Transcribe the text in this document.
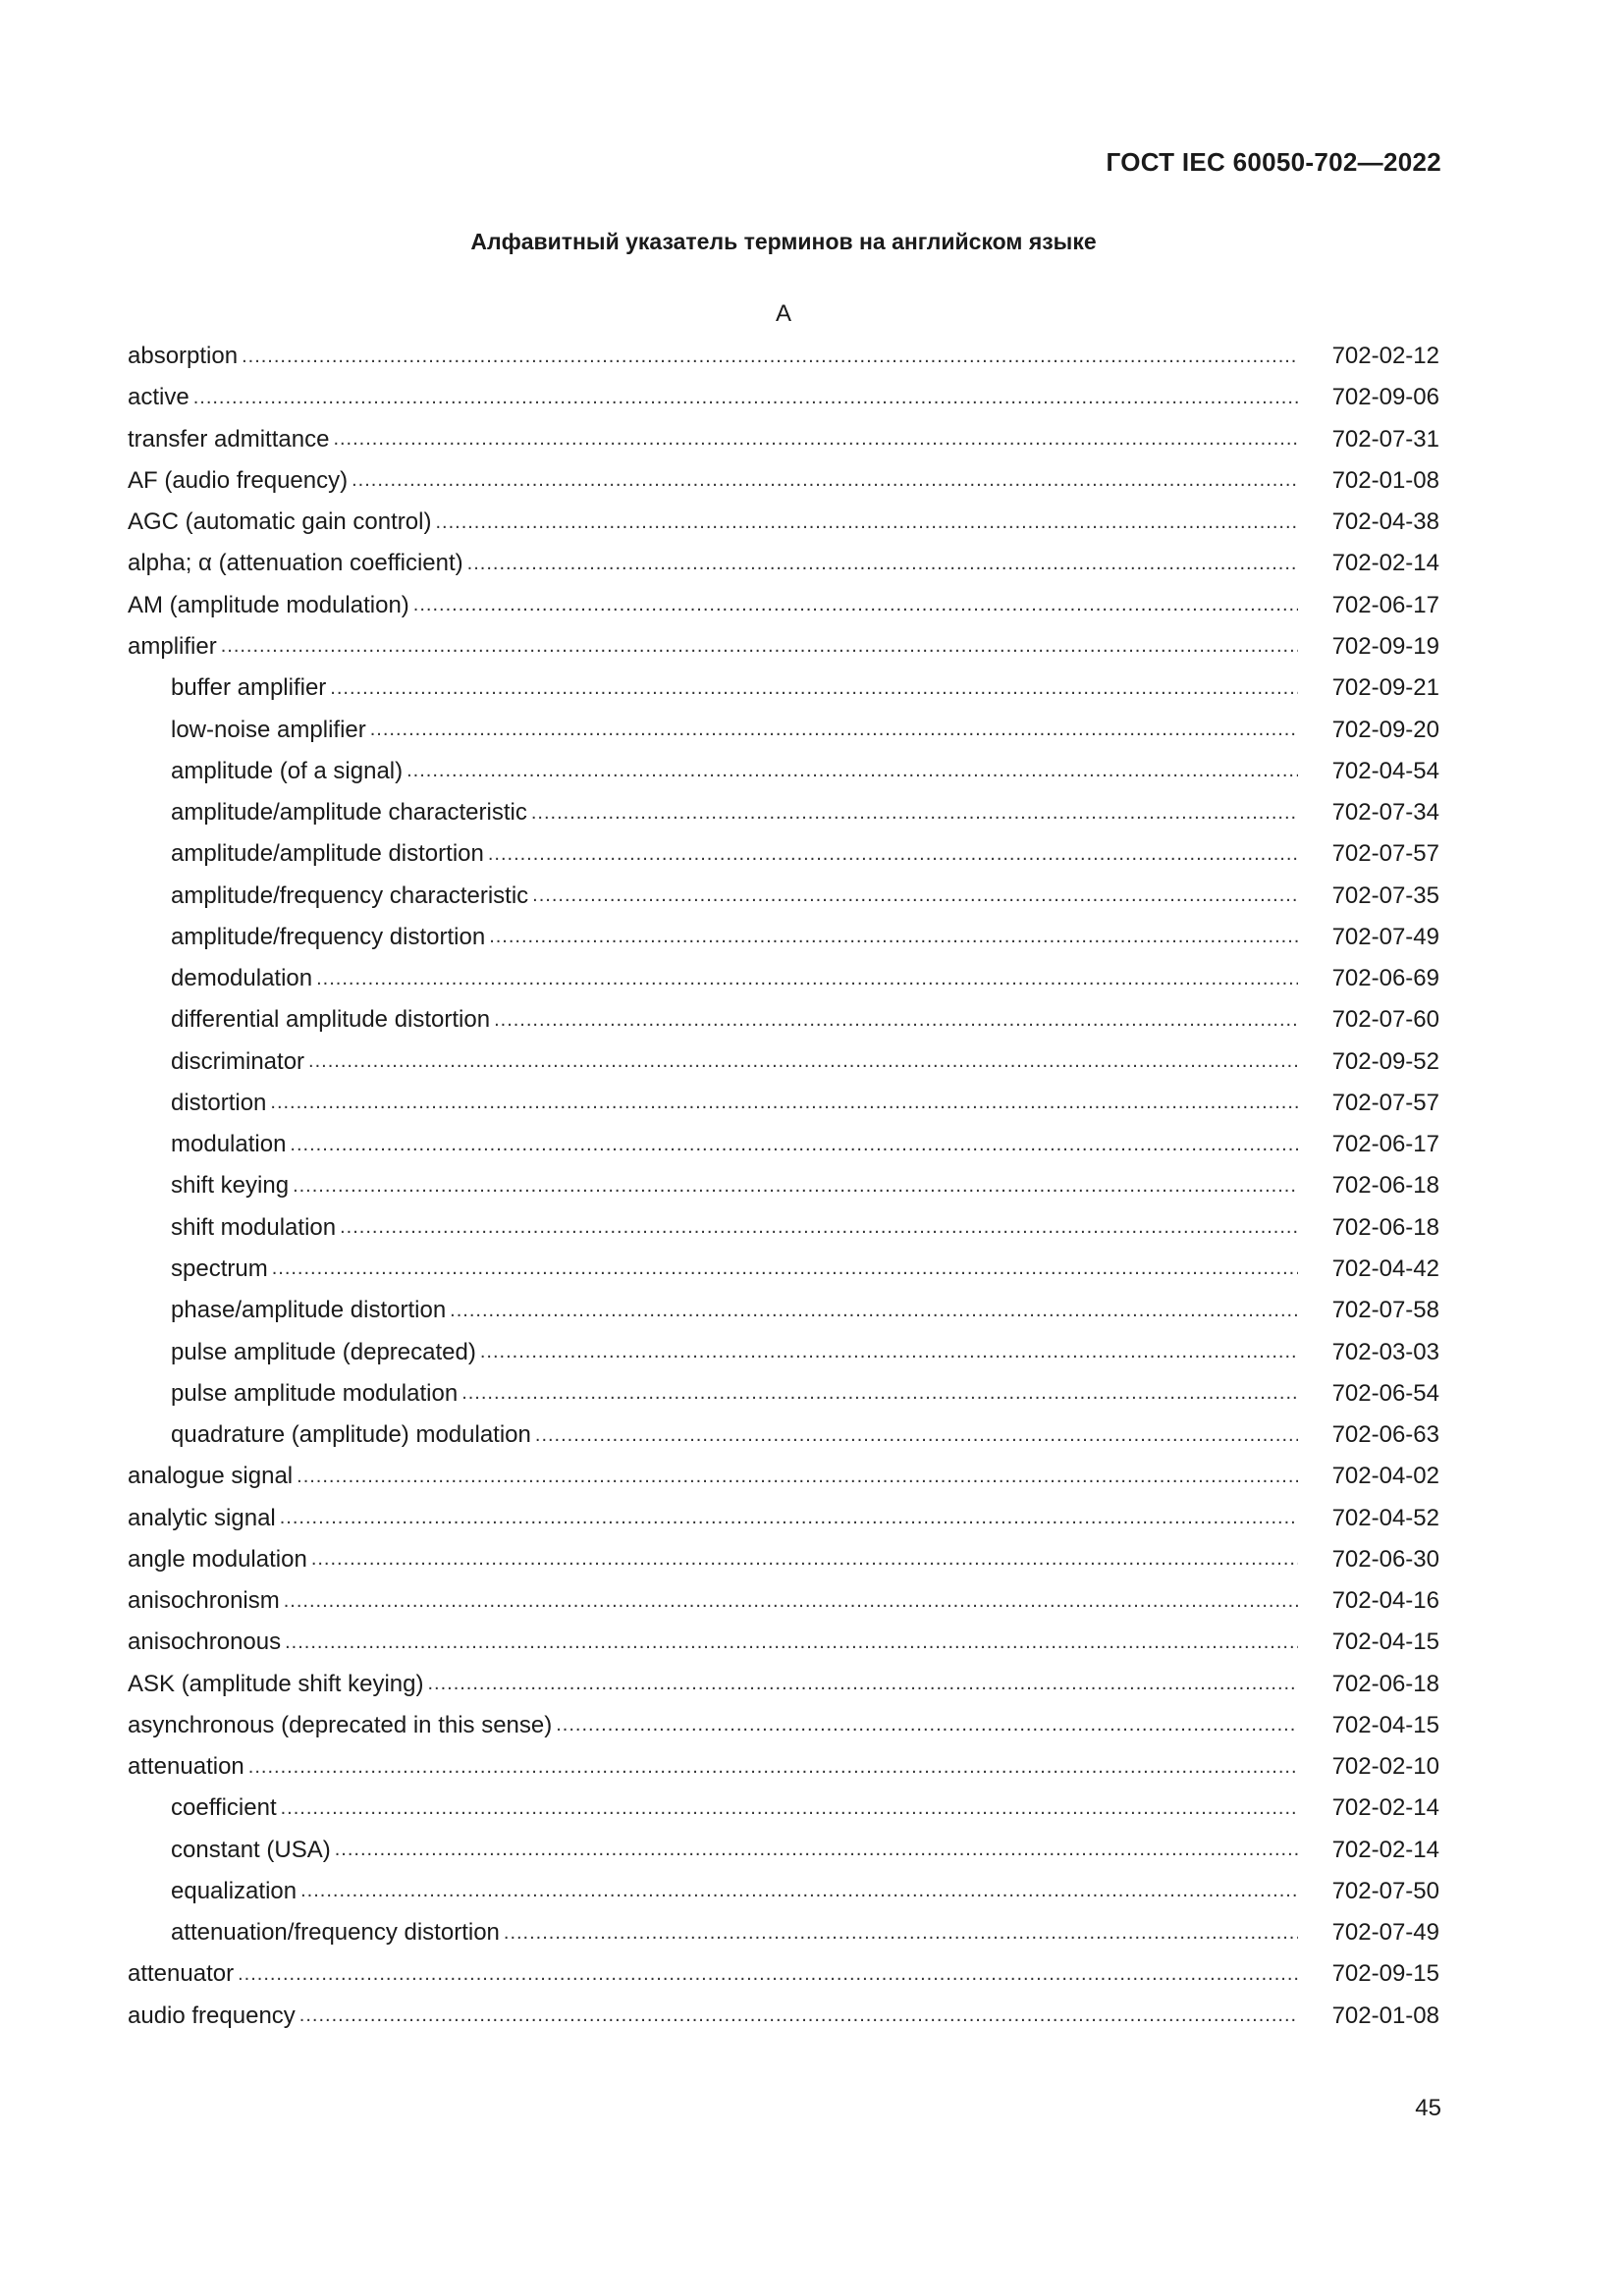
ГОСТ IEC 60050-702—2022
Алфавитный указатель терминов на английском языке
А
absorption .....	702-02-12
active .....	702-09-06
transfer admittance .....	702-07-31
AF (audio frequency) .....	702-01-08
AGC (automatic gain control) .....	702-04-38
alpha; α (attenuation coefficient) .....	702-02-14
AM (amplitude modulation) .....	702-06-17
amplifier .....	702-09-19
buffer amplifier .....	702-09-21
low-noise amplifier .....	702-09-20
amplitude (of a signal) .....	702-04-54
amplitude/amplitude characteristic .....	702-07-34
amplitude/amplitude distortion .....	702-07-57
amplitude/frequency characteristic .....	702-07-35
amplitude/frequency distortion .....	702-07-49
demodulation .....	702-06-69
differential amplitude distortion .....	702-07-60
discriminator .....	702-09-52
distortion .....	702-07-57
modulation .....	702-06-17
shift keying .....	702-06-18
shift modulation .....	702-06-18
spectrum .....	702-04-42
phase/amplitude distortion .....	702-07-58
pulse amplitude (deprecated) .....	702-03-03
pulse amplitude modulation .....	702-06-54
quadrature (amplitude) modulation .....	702-06-63
analogue signal .....	702-04-02
analytic signal .....	702-04-52
angle modulation .....	702-06-30
anisochronism .....	702-04-16
anisochronous .....	702-04-15
ASK (amplitude shift keying) .....	702-06-18
asynchronous (deprecated in this sense) .....	702-04-15
attenuation .....	702-02-10
coefficient .....	702-02-14
constant (USA) .....	702-02-14
equalization .....	702-07-50
attenuation/frequency distortion .....	702-07-49
attenuator .....	702-09-15
audio frequency .....	702-01-08
45
